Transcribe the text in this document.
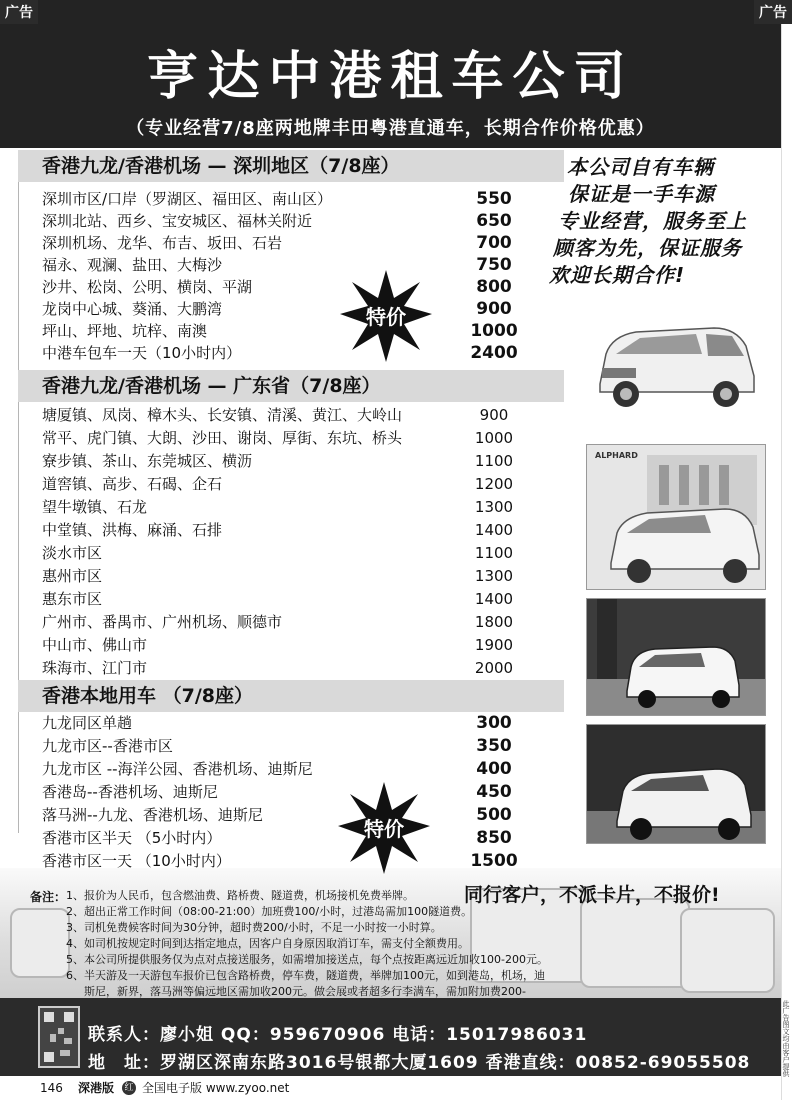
亨达中港租车公司
（专业经营7/8座两地牌丰田粤港直通车，长期合作价格优惠）
广告	广告
香港九龙/香港机场 — 深圳地区（7/8座）
深圳市区/口岸（罗湖区、福田区、南山区）	550
深圳北站、西乡、宝安城区、福林关附近	650
深圳机场、龙华、布吉、坂田、石岩	700
福永、观澜、盐田、大梅沙	750
沙井、松岗、公明、横岗、平湖	800
龙岗中心城、葵涌、大鹏湾	900
坪山、坪地、坑梓、南澳	1000
中港车包车一天（10小时内）	2400
香港九龙/香港机场 — 广东省（7/8座）
塘厦镇、凤岗、樟木头、长安镇、清溪、黄江、大岭山	900
常平、虎门镇、大朗、沙田、谢岗、厚街、东坑、桥头	1000
寮步镇、茶山、东莞城区、横沥	1100
道窖镇、高步、石碣、企石	1200
望牛墩镇、石龙	1300
中堂镇、洪梅、麻涌、石排	1400
淡水市区	1100
惠州市区	1300
惠东市区	1400
广州市、番禺市、广州机场、顺德市	1800
中山市、佛山市	1900
珠海市、江门市	2000
香港本地用车 （7/8座）
九龙同区单趟	300
九龙市区--香港市区	350
九龙市区 --海洋公园、香港机场、迪斯尼	400
香港岛--香港机场、迪斯尼	450
落马洲--九龙、香港机场、迪斯尼	500
香港市区半天 （5小时内）	850
香港市区一天 （10小时内）	1500
特价
特价
本公司自有车辆
保证是一手车源
专业经营，服务至上
顾客为先，保证服务
欢迎长期合作!
ALPHARD
备注： 1、报价为人民币，包含燃油费、路桥费、隧道费，机场接机免费举牌。
2、超出正常工作时间（08:00-21:00）加班费100/小时，过港岛需加100隧道费。
3、司机免费候客时间为30分钟，超时费200/小时，不足一小时按一小时算。
4、如司机按规定时间到达指定地点，因客户自身原因取消订车，需支付全额费用。
5、本公司所提供服务仅为点对点接送服务，如需增加接送点，每个点按距离远近加收100-200元。
6、半天游及一天游包车报价已包含路桥费，停车费，隧道费，举牌加100元，如到港岛，机场，迪
斯尼，新界，落马洲等偏远地区需加收200元。做会展或者超多行李满车，需加附加费200-
同行客户，不派卡片，不报价!
联系人：廖小姐 QQ：959670906 电话：15017986031
地　址：罗湖区深南东路3016号银都大厦1609 香港直线：00852-69055508	此广告图文均由客户提供
146 深港版 红 全国电子版 www.zyoo.net
